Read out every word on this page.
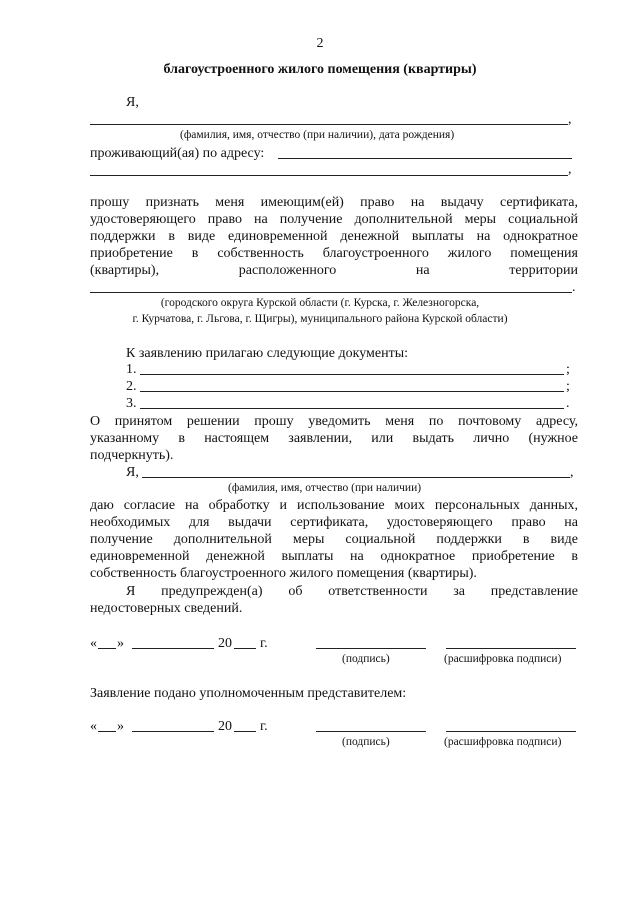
2
благоустроенного жилого помещения (квартиры)
Я,
,
(фамилия, имя, отчество (при наличии), дата рождения)
проживающий(ая) по адресу:
,
прошу признать меня имеющим(ей) право на выдачу сертификата,
удостоверяющего право на получение дополнительной меры социальной
поддержки в виде единовременной денежной выплаты на однократное
приобретение в собственность благоустроенного жилого помещения
(квартиры), расположенного на территории
.
(городского округа Курской области (г. Курска, г. Железногорска,
г. Курчатова, г. Льгова, г. Щигры), муниципального района Курской области)
К заявлению прилагаю следующие документы:
1.	;
2.	;
3.	.
О принятом решении прошу уведомить меня по почтовому адресу,
указанному в настоящем заявлении, или выдать лично (нужное
подчеркнуть).
Я,	,
(фамилия, имя, отчество (при наличии)
даю согласие на обработку и использование моих персональных данных,
необходимых для выдачи сертификата, удостоверяющего право на
получение дополнительной меры социальной поддержки в виде
единовременной денежной выплаты на однократное приобретение в
собственность благоустроенного жилого помещения (квартиры).
Я предупрежден(а) об ответственности за представление
недостоверных сведений.
« »	20 г.
(подпись)	(расшифровка подписи)
Заявление подано уполномоченным представителем:
« »	20 г.
(подпись)	(расшифровка подписи)
